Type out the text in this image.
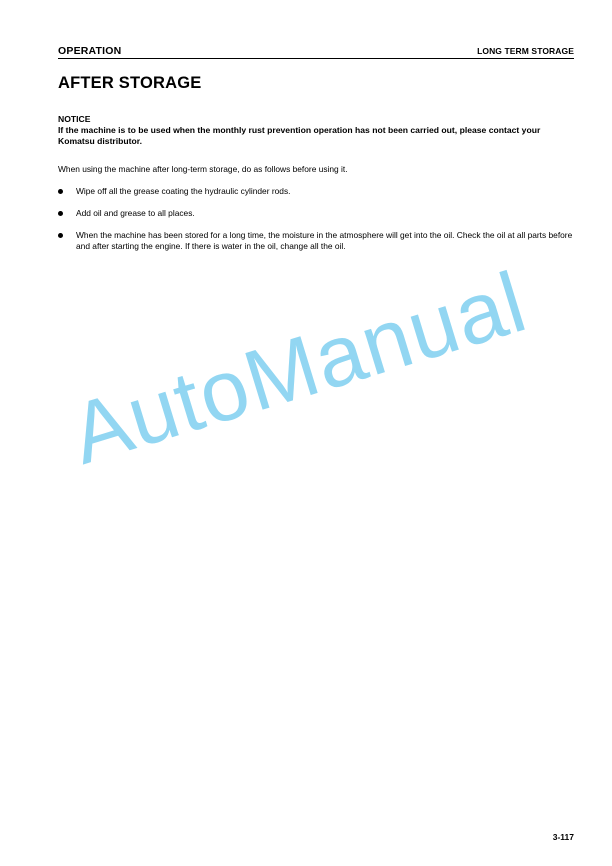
OPERATION	LONG TERM STORAGE
AFTER STORAGE
NOTICE
If the machine is to be used when the monthly rust prevention operation has not been carried out, please contact your Komatsu distributor.
When using the machine after long-term storage, do as follows before using it.
Wipe off all the grease coating the hydraulic cylinder rods.
Add oil and grease to all places.
When the machine has been stored for a long time, the moisture in the atmosphere will get into the oil. Check the oil at all parts before and after starting the engine. If there is water in the oil, change all the oil.
AutoManual
3-117
